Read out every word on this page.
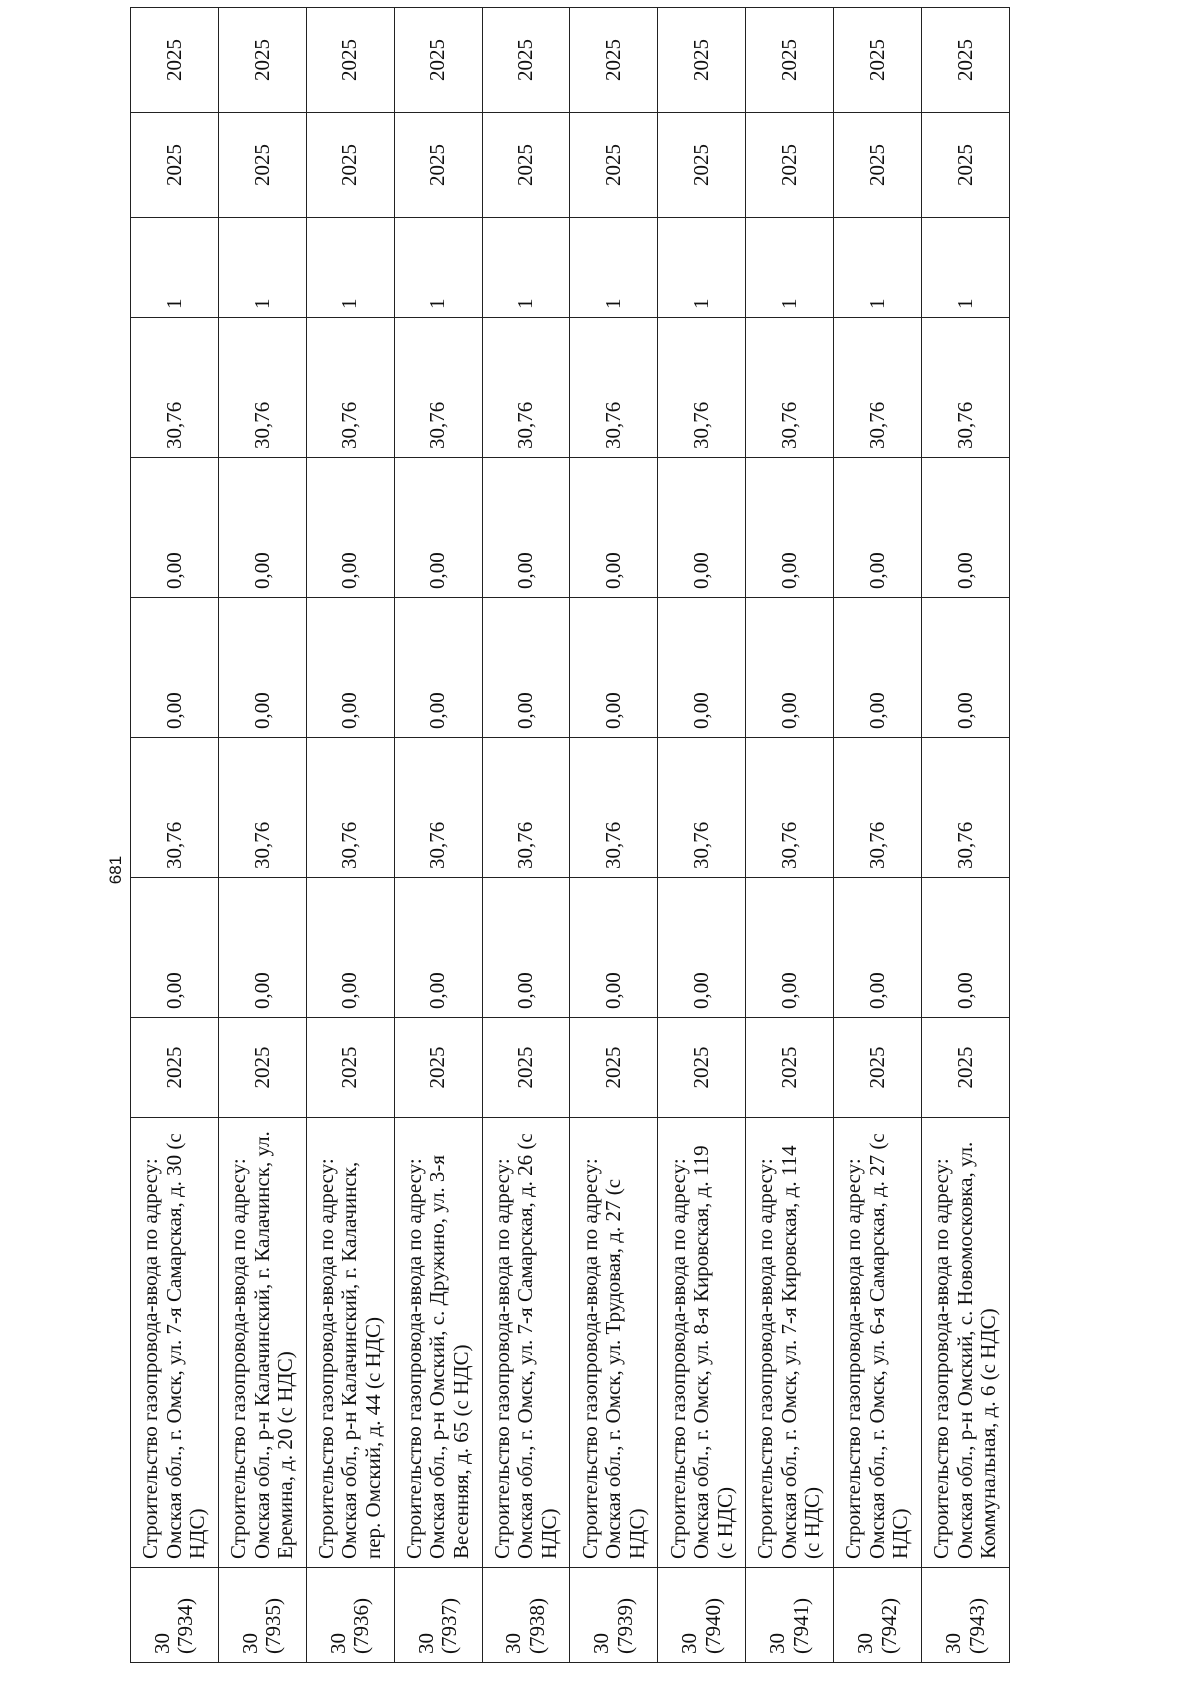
681
30 (7934)	Строительство газопровода-ввода по адресу: Омская обл., г. Омск, ул. 7-я Самарская, д. 30 (с НДС)	2025	0,00	30,76	0,00	0,00	30,76	1	2025	2025
30 (7935)	Строительство газопровода-ввода по адресу: Омская обл., р-н Калачинский, г. Калачинск, ул. Еремина, д. 20 (с НДС)	2025	0,00	30,76	0,00	0,00	30,76	1	2025	2025
30 (7936)	Строительство газопровода-ввода по адресу: Омская обл., р-н Калачинский, г. Калачинск, пер. Омский, д. 44 (с НДС)	2025	0,00	30,76	0,00	0,00	30,76	1	2025	2025
30 (7937)	Строительство газопровода-ввода по адресу: Омская обл., р-н Омский, с. Дружино, ул. 3-я Весенняя, д. 65 (с НДС)	2025	0,00	30,76	0,00	0,00	30,76	1	2025	2025
30 (7938)	Строительство газопровода-ввода по адресу: Омская обл., г. Омск, ул. 7-я Самарская, д. 26 (с НДС)	2025	0,00	30,76	0,00	0,00	30,76	1	2025	2025
30 (7939)	Строительство газопровода-ввода по адресу: Омская обл., г. Омск, ул. Трудовая, д. 27 (с НДС)	2025	0,00	30,76	0,00	0,00	30,76	1	2025	2025
30 (7940)	Строительство газопровода-ввода по адресу: Омская обл., г. Омск, ул. 8-я Кировская, д. 119 (с НДС)	2025	0,00	30,76	0,00	0,00	30,76	1	2025	2025
30 (7941)	Строительство газопровода-ввода по адресу: Омская обл., г. Омск, ул. 7-я Кировская, д. 114 (с НДС)	2025	0,00	30,76	0,00	0,00	30,76	1	2025	2025
30 (7942)	Строительство газопровода-ввода по адресу: Омская обл., г. Омск, ул. 6-я Самарская, д. 27 (с НДС)	2025	0,00	30,76	0,00	0,00	30,76	1	2025	2025
30 (7943)	Строительство газопровода-ввода по адресу: Омская обл., р-н Омский, с. Новомосковка, ул. Коммунальная, д. 6 (с НДС)	2025	0,00	30,76	0,00	0,00	30,76	1	2025	2025
